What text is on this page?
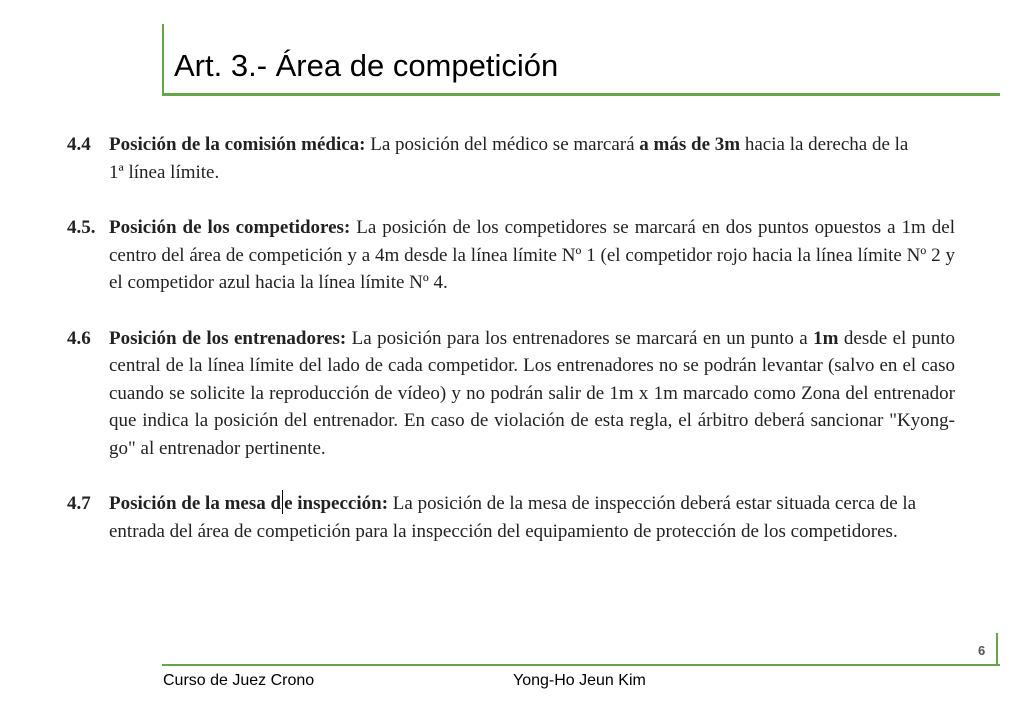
Art. 3.- Área de competición
4.4 Posición de la comisión médica: La posición del médico se marcará a más de 3m hacia la derecha de la 1ª línea límite.

4.5. Posición de los competidores: La posición de los competidores se marcará en dos puntos opuestos a 1m del centro del área de competición y a 4m desde la línea límite Nº 1 (el competidor rojo hacia la línea límite Nº 2 y el competidor azul hacia la línea límite Nº 4.

4.6 Posición de los entrenadores: La posición para los entrenadores se marcará en un punto a 1m desde el punto central de la línea límite del lado de cada competidor. Los entrenadores no se podrán levantar (salvo en el caso cuando se solicite la reproducción de vídeo) y no podrán salir de 1m x 1m marcado como Zona del entrenador que indica la posición del entrenador. En caso de violación de esta regla, el árbitro deberá sancionar "Kyong-go" al entrenador pertinente.

4.7 Posición de la mesa d e inspección: La posición de la mesa de inspección deberá estar situada cerca de la entrada del área de competición para la inspección del equipamiento de protección de los competidores.

6
Curso de Juez Crono	Yong-Ho Jeun Kim
